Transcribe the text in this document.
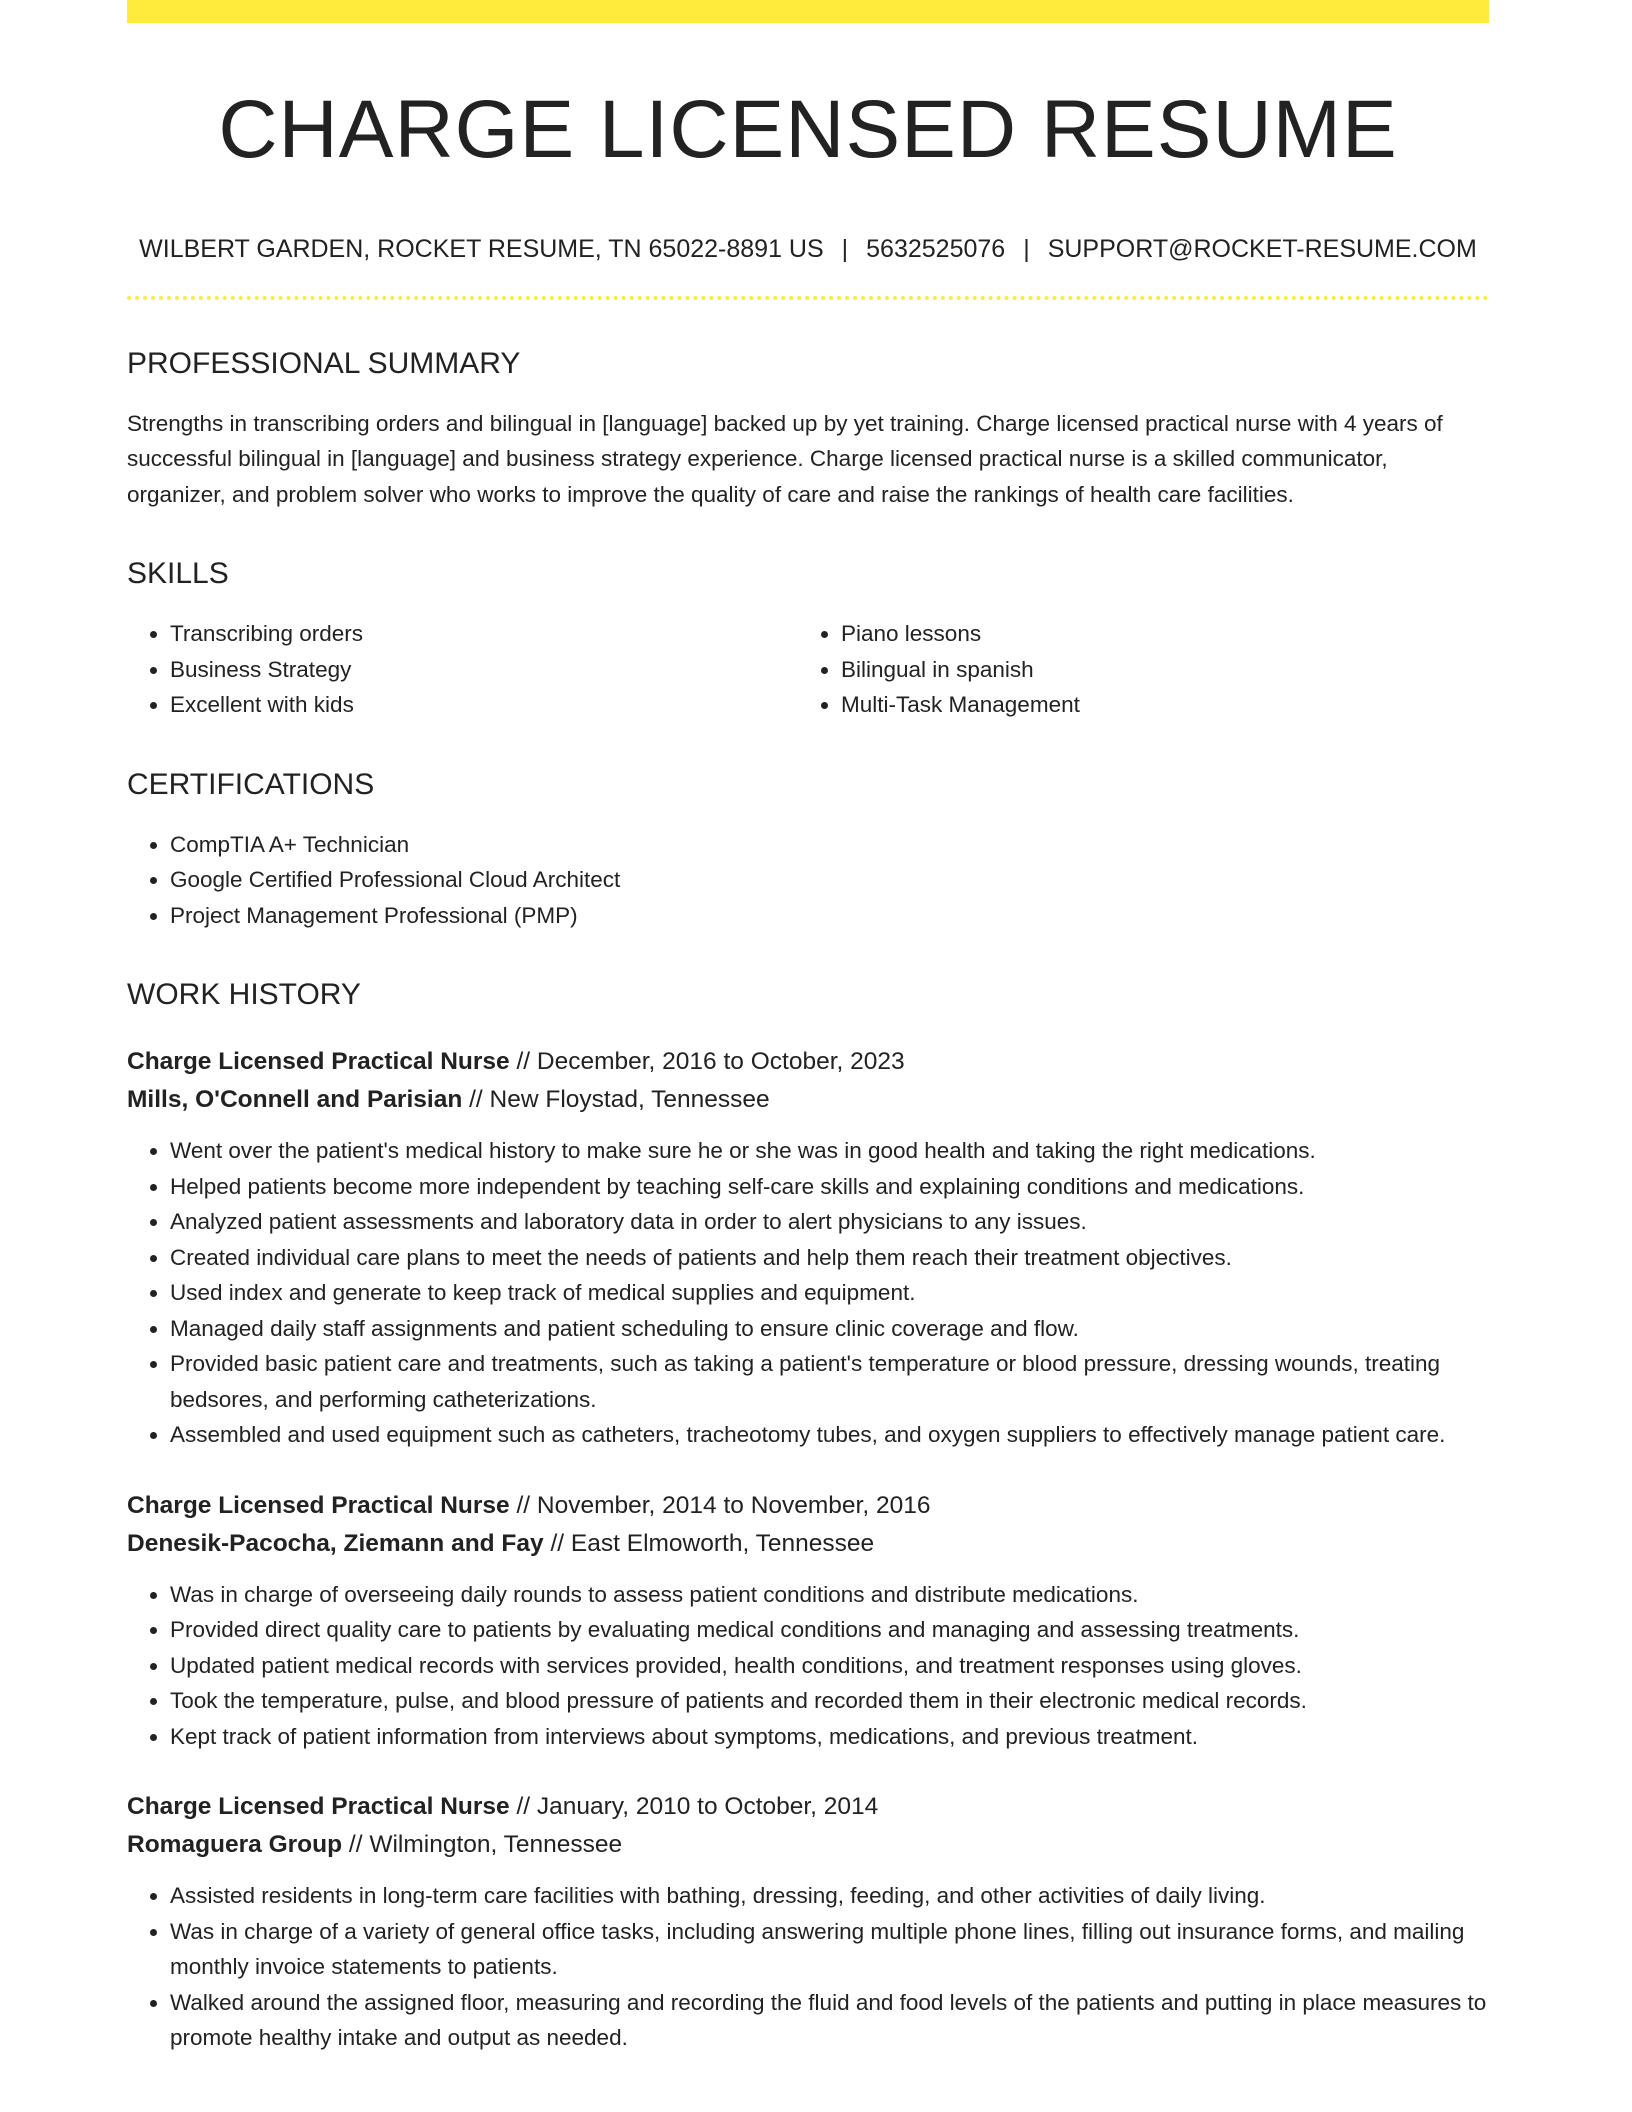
CHARGE LICENSED RESUME
WILBERT GARDEN, ROCKET RESUME, TN 65022-8891 US | 5632525076 | SUPPORT@ROCKET-RESUME.COM
PROFESSIONAL SUMMARY
Strengths in transcribing orders and bilingual in [language] backed up by yet training. Charge licensed practical nurse with 4 years of successful bilingual in [language] and business strategy experience. Charge licensed practical nurse is a skilled communicator, organizer, and problem solver who works to improve the quality of care and raise the rankings of health care facilities.
SKILLS
• Transcribing orders
• Business Strategy
• Excellent with kids
• Piano lessons
• Bilingual in spanish
• Multi-Task Management
CERTIFICATIONS
• CompTIA A+ Technician
• Google Certified Professional Cloud Architect
• Project Management Professional (PMP)
WORK HISTORY
Charge Licensed Practical Nurse // December, 2016 to October, 2023
Mills, O'Connell and Parisian // New Floystad, Tennessee
• Went over the patient's medical history to make sure he or she was in good health and taking the right medications.
• Helped patients become more independent by teaching self-care skills and explaining conditions and medications.
• Analyzed patient assessments and laboratory data in order to alert physicians to any issues.
• Created individual care plans to meet the needs of patients and help them reach their treatment objectives.
• Used index and generate to keep track of medical supplies and equipment.
• Managed daily staff assignments and patient scheduling to ensure clinic coverage and flow.
• Provided basic patient care and treatments, such as taking a patient's temperature or blood pressure, dressing wounds, treating bedsores, and performing catheterizations.
• Assembled and used equipment such as catheters, tracheotomy tubes, and oxygen suppliers to effectively manage patient care.
Charge Licensed Practical Nurse // November, 2014 to November, 2016
Denesik-Pacocha, Ziemann and Fay // East Elmoworth, Tennessee
• Was in charge of overseeing daily rounds to assess patient conditions and distribute medications.
• Provided direct quality care to patients by evaluating medical conditions and managing and assessing treatments.
• Updated patient medical records with services provided, health conditions, and treatment responses using gloves.
• Took the temperature, pulse, and blood pressure of patients and recorded them in their electronic medical records.
• Kept track of patient information from interviews about symptoms, medications, and previous treatment.
Charge Licensed Practical Nurse // January, 2010 to October, 2014
Romaguera Group // Wilmington, Tennessee
• Assisted residents in long-term care facilities with bathing, dressing, feeding, and other activities of daily living.
• Was in charge of a variety of general office tasks, including answering multiple phone lines, filling out insurance forms, and mailing monthly invoice statements to patients.
• Walked around the assigned floor, measuring and recording the fluid and food levels of the patients and putting in place measures to promote healthy intake and output as needed.
